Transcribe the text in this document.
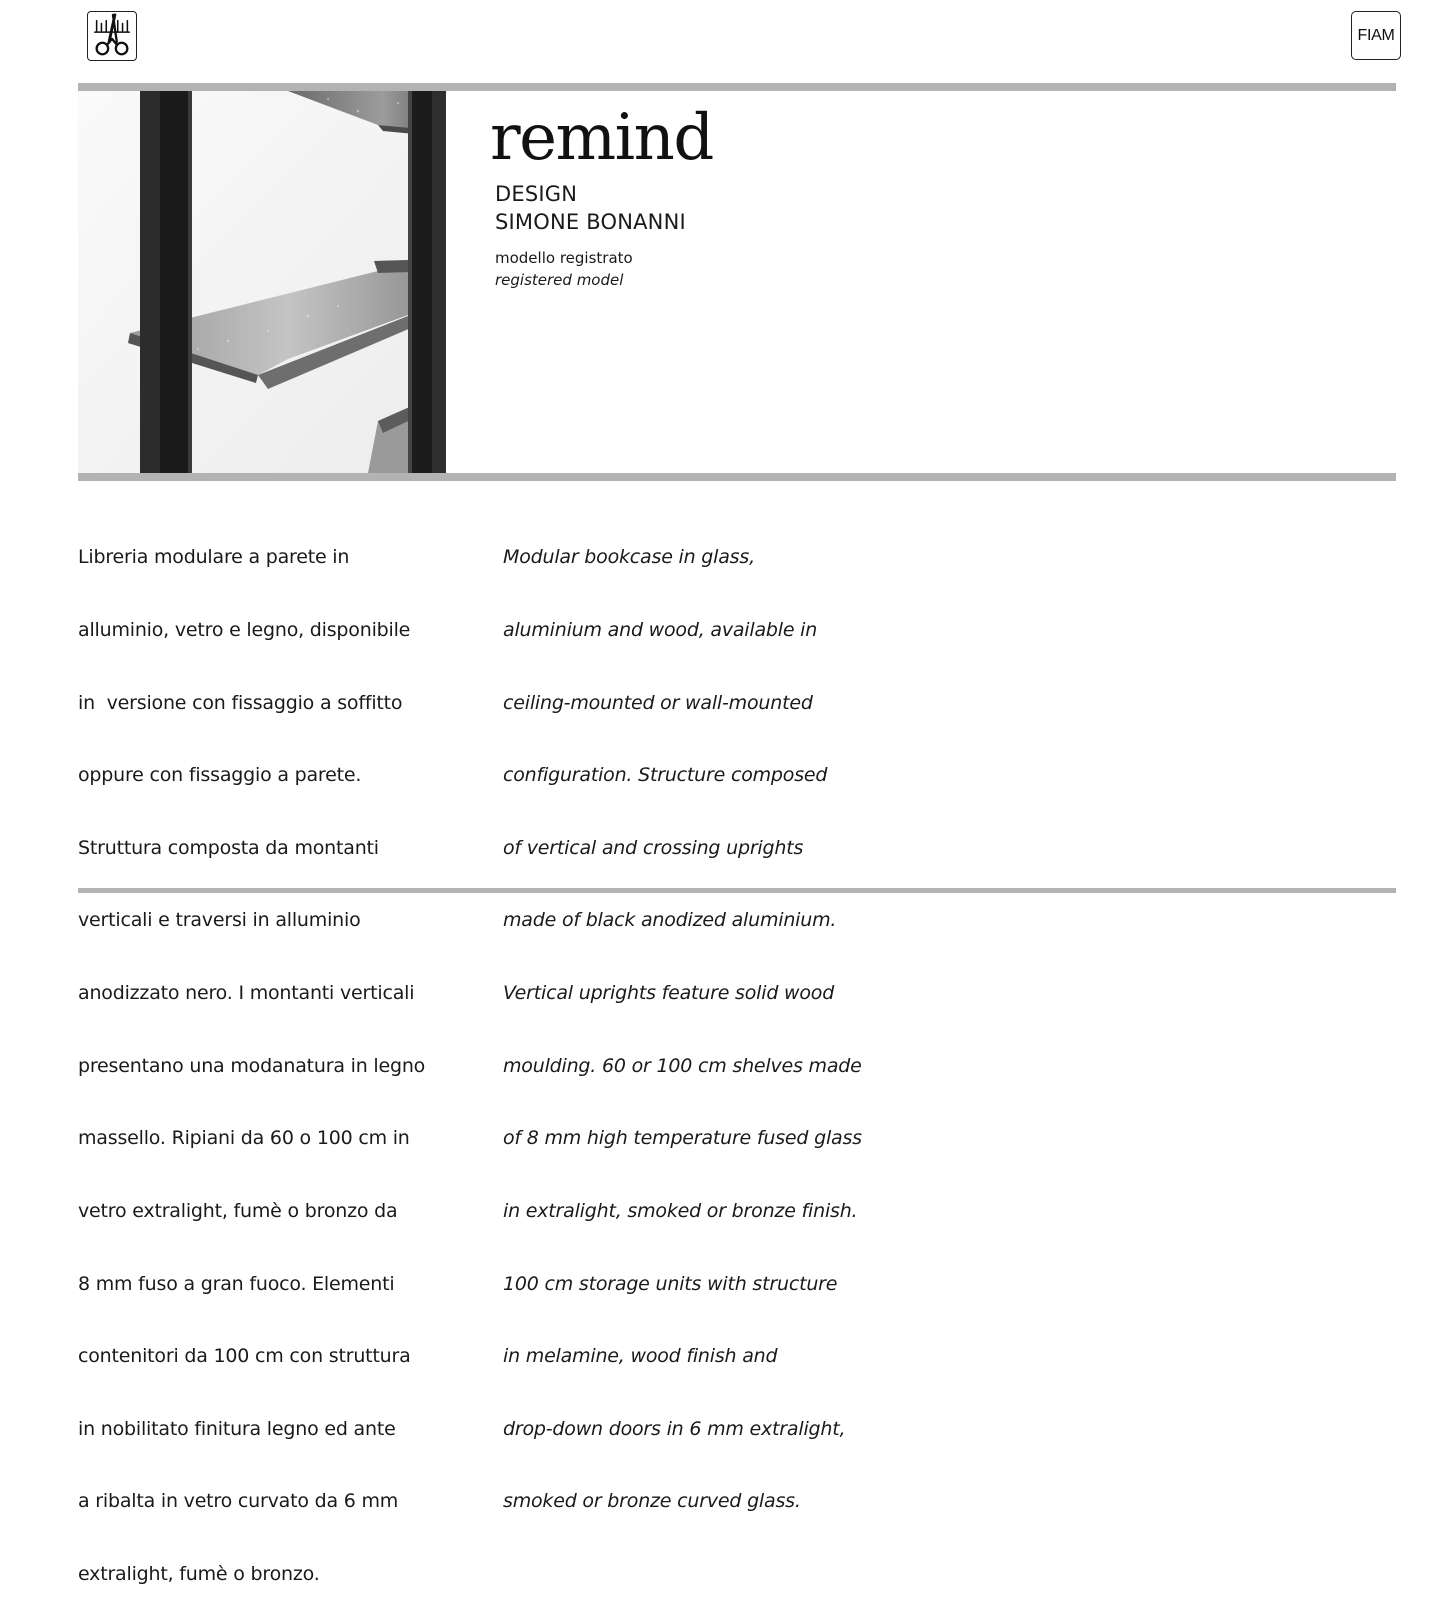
FIAM
remind
DESIGN
SIMONE BONANNI
modello registrato
registered model

Libreria modulare a parete in

alluminio, vetro e legno, disponibile

in  versione con fissaggio a soffitto

oppure con fissaggio a parete.

Struttura composta da montanti

verticali e traversi in alluminio

anodizzato nero. I montanti verticali

presentano una modanatura in legno

massello. Ripiani da 60 o 100 cm in

vetro extralight, fumè o bronzo da

8 mm fuso a gran fuoco. Elementi

contenitori da 100 cm con struttura

in nobilitato finitura legno ed ante

a ribalta in vetro curvato da 6 mm

extralight, fumè o bronzo.

Modular bookcase in glass,

aluminium and wood, available in

ceiling-mounted or wall-mounted

configuration. Structure composed

of vertical and crossing uprights

made of black anodized aluminium.

Vertical uprights feature solid wood

moulding. 60 or 100 cm shelves made

of 8 mm high temperature fused glass

in extralight, smoked or bronze finish.

100 cm storage units with structure

in melamine, wood finish and

drop-down doors in 6 mm extralight,

smoked or bronze curved glass.
